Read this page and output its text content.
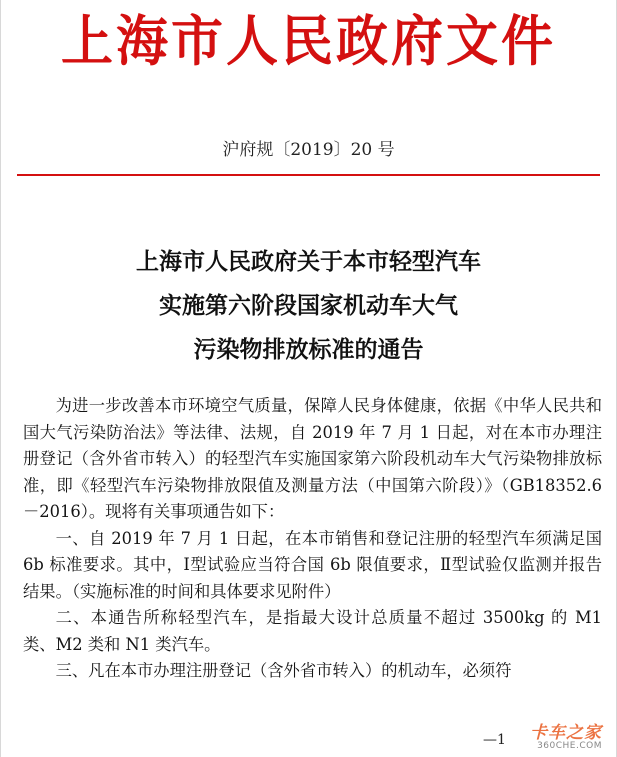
上海市人民政府文件
沪府规〔2019〕20 号
上海市人民政府关于本市轻型汽车
实施第六阶段国家机动车大气
污染物排放标准的通告

为进一步改善本市环境空气质量，保障人民身体健康，依据《中华人民共和国大气污染防治法》等法律、法规，自 2019 年 7 月 1 日起，对在本市办理注册登记（含外省市转入）的轻型汽车实施国家第六阶段机动车大气污染物排放标准，即《轻型汽车污染物排放限值及测量方法（中国第六阶段）》（GB18352.6－2016）。现将有关事项通告如下：

一、自 2019 年 7 月 1 日起，在本市销售和登记注册的轻型汽车须满足国 6b 标准要求。其中，Ⅰ型试验应当符合国 6b 限值要求，Ⅱ型试验仅监测并报告结果。（实施标准的时间和具体要求见附件）

二、本通告所称轻型汽车，是指最大设计总质量不超过 3500kg 的 M1 类、M2 类和 N1 类汽车。

三、凡在本市办理注册登记（含外省市转入）的机动车，必须符

—1 卡车之家
360CHE.COM
